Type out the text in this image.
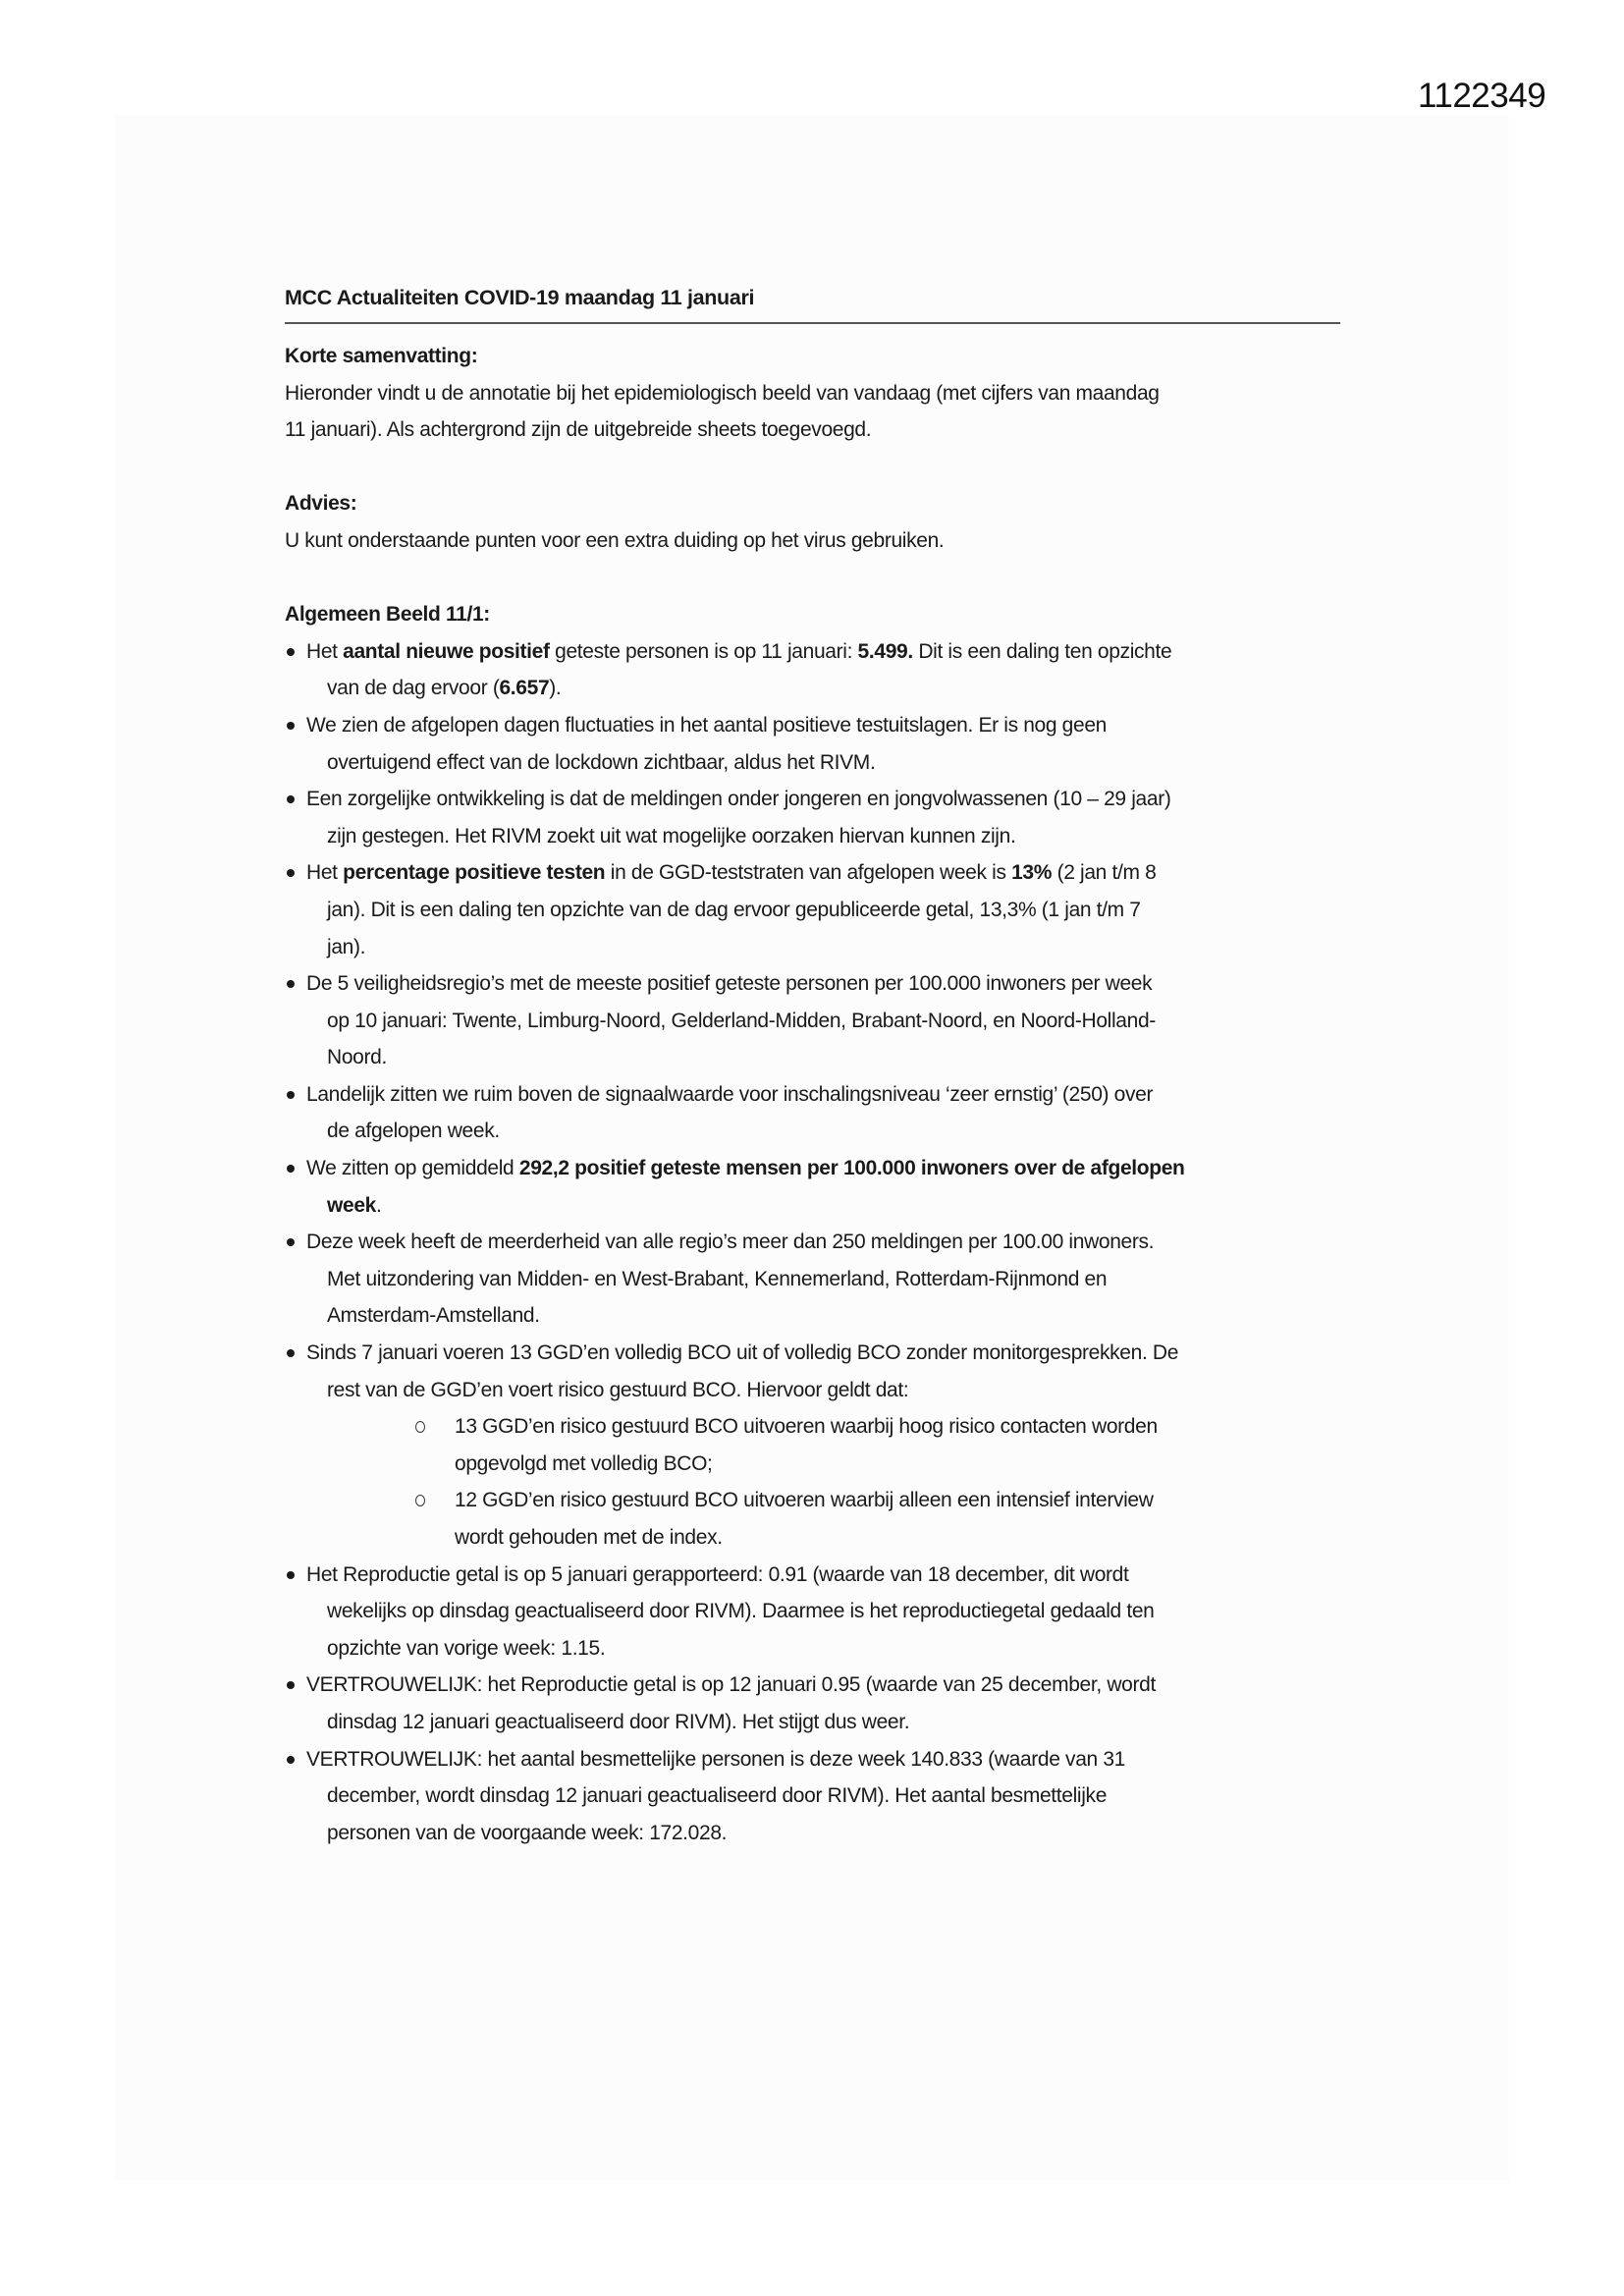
1122349
MCC Actualiteiten COVID-19 maandag 11 januari
Korte samenvatting:
Hieronder vindt u de annotatie bij het epidemiologisch beeld van vandaag (met cijfers van maandag
11 januari). Als achtergrond zijn de uitgebreide sheets toegevoegd.
Advies:
U kunt onderstaande punten voor een extra duiding op het virus gebruiken.
Algemeen Beeld 11/1:
Het aantal nieuwe positief geteste personen is op 11 januari: 5.499. Dit is een daling ten opzichte
van de dag ervoor (6.657).
We zien de afgelopen dagen fluctuaties in het aantal positieve testuitslagen. Er is nog geen
overtuigend effect van de lockdown zichtbaar, aldus het RIVM.
Een zorgelijke ontwikkeling is dat de meldingen onder jongeren en jongvolwassenen (10 – 29 jaar)
zijn gestegen. Het RIVM zoekt uit wat mogelijke oorzaken hiervan kunnen zijn.
Het percentage positieve testen in de GGD-teststraten van afgelopen week is 13% (2 jan t/m 8
jan). Dit is een daling ten opzichte van de dag ervoor gepubliceerde getal, 13,3% (1 jan t/m 7
jan).
De 5 veiligheidsregio’s met de meeste positief geteste personen per 100.000 inwoners per week
op 10 januari: Twente, Limburg-Noord, Gelderland-Midden, Brabant-Noord, en Noord-Holland-
Noord.
Landelijk zitten we ruim boven de signaalwaarde voor inschalingsniveau ‘zeer ernstig’ (250) over
de afgelopen week.
We zitten op gemiddeld 292,2 positief geteste mensen per 100.000 inwoners over de afgelopen
week.
Deze week heeft de meerderheid van alle regio’s meer dan 250 meldingen per 100.00 inwoners.
Met uitzondering van Midden- en West-Brabant, Kennemerland, Rotterdam-Rijnmond en
Amsterdam-Amstelland.
Sinds 7 januari voeren 13 GGD’en volledig BCO uit of volledig BCO zonder monitorgesprekken. De
rest van de GGD’en voert risico gestuurd BCO. Hiervoor geldt dat:
13 GGD’en risico gestuurd BCO uitvoeren waarbij hoog risico contacten worden
opgevolgd met volledig BCO;
12 GGD’en risico gestuurd BCO uitvoeren waarbij alleen een intensief interview
wordt gehouden met de index.
Het Reproductie getal is op 5 januari gerapporteerd: 0.91 (waarde van 18 december, dit wordt
wekelijks op dinsdag geactualiseerd door RIVM). Daarmee is het reproductiegetal gedaald ten
opzichte van vorige week: 1.15.
VERTROUWELIJK: het Reproductie getal is op 12 januari 0.95 (waarde van 25 december, wordt
dinsdag 12 januari geactualiseerd door RIVM). Het stijgt dus weer.
VERTROUWELIJK: het aantal besmettelijke personen is deze week 140.833 (waarde van 31
december, wordt dinsdag 12 januari geactualiseerd door RIVM). Het aantal besmettelijke
personen van de voorgaande week: 172.028.
